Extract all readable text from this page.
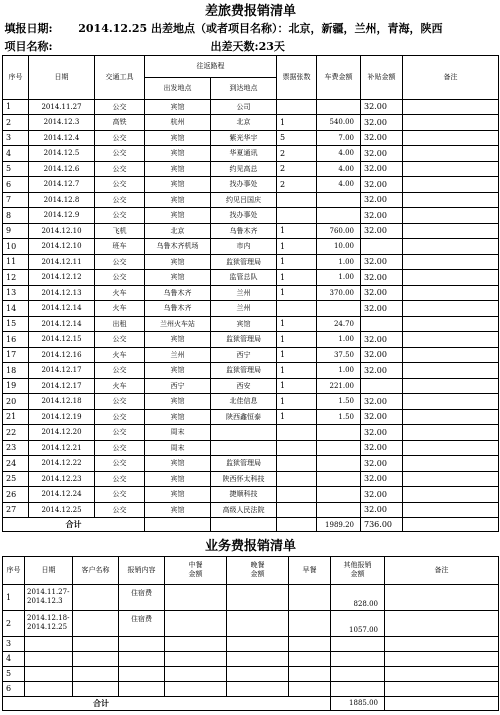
差旅费报销清单								
填报日期: 2014.12.25 出差地点（或者项目名称）：北京，新疆，兰州，青海，陕西								
项目名称:				出差天数:23天				
序号	日期	交通工具	往返路程		票据张数	车费金额	补贴金额	备注
			出发地点	到达地点				
1	2014.11.27	公交	宾馆	公司			32.00	
2	2014.12.3	高铁	杭州	北京	1	540.00	32.00	
3	2014.12.4	公交	宾馆	紫光华宇	5	7.00	32.00	
4	2014.12.5	公交	宾馆	华夏通讯	2	4.00	32.00	
5	2014.12.6	公交	宾馆	约见高总	2	4.00	32.00	
6	2014.12.7	公交	宾馆	找办事处	2	4.00	32.00	
7	2014.12.8	公交	宾馆	约见吕国庆			32.00	
8	2014.12.9	公交	宾馆	找办事处			32.00	
9	2014.12.10	飞机	北京	乌鲁木齐	1	760.00	32.00	
10	2014.12.10	班车	乌鲁木齐机场	市内	1	10.00		
11	2014.12.11	公交	宾馆	监狱管理局	1	1.00	32.00	
12	2014.12.12	公交	宾馆	监管总队	1	1.00	32.00	
13	2014.12.13	火车	乌鲁木齐	兰州	1	370.00	32.00	
14	2014.12.14	火车	乌鲁木齐	兰州			32.00	
15	2014.12.14	出租	兰州火车站	宾馆	1	24.70		
16	2014.12.15	公交	宾馆	监狱管理局	1	1.00	32.00	
17	2014.12.16	火车	兰州	西宁	1	37.50	32.00	
18	2014.12.17	公交	宾馆	监狱管理局	1	1.00	32.00	
19	2014.12.17	火车	西宁	西安	1	221.00		
20	2014.12.18	公交	宾馆	北佳信息	1	1.50	32.00	
21	2014.12.19	公交	宾馆	陕西鑫恒泰	1	1.50	32.00	
22	2014.12.20	公交	周末				32.00	
23	2014.12.21	公交	周末				32.00	
24	2014.12.22	公交	宾馆	监狱管理局			32.00	
25	2014.12.23	公交	宾馆	陕西怀太科技			32.00	
26	2014.12.24	公交	宾馆	捷顺科技			32.00	
27	2014.12.25	公交	宾馆	高级人民法院			32.00	
合计						1989.20	736.00	
业务费报销清单								
序号	日期	客户名称	报销内容	中餐
金额	晚餐
金额	早餐	其他报销
金额	备注
1	2014.11.27-
2014.12.3		住宿费				828.00	
2	2014.12.18-
2014.12.25		住宿费				1057.00	
3	

4	

5	

6	

合计							1885.00	
